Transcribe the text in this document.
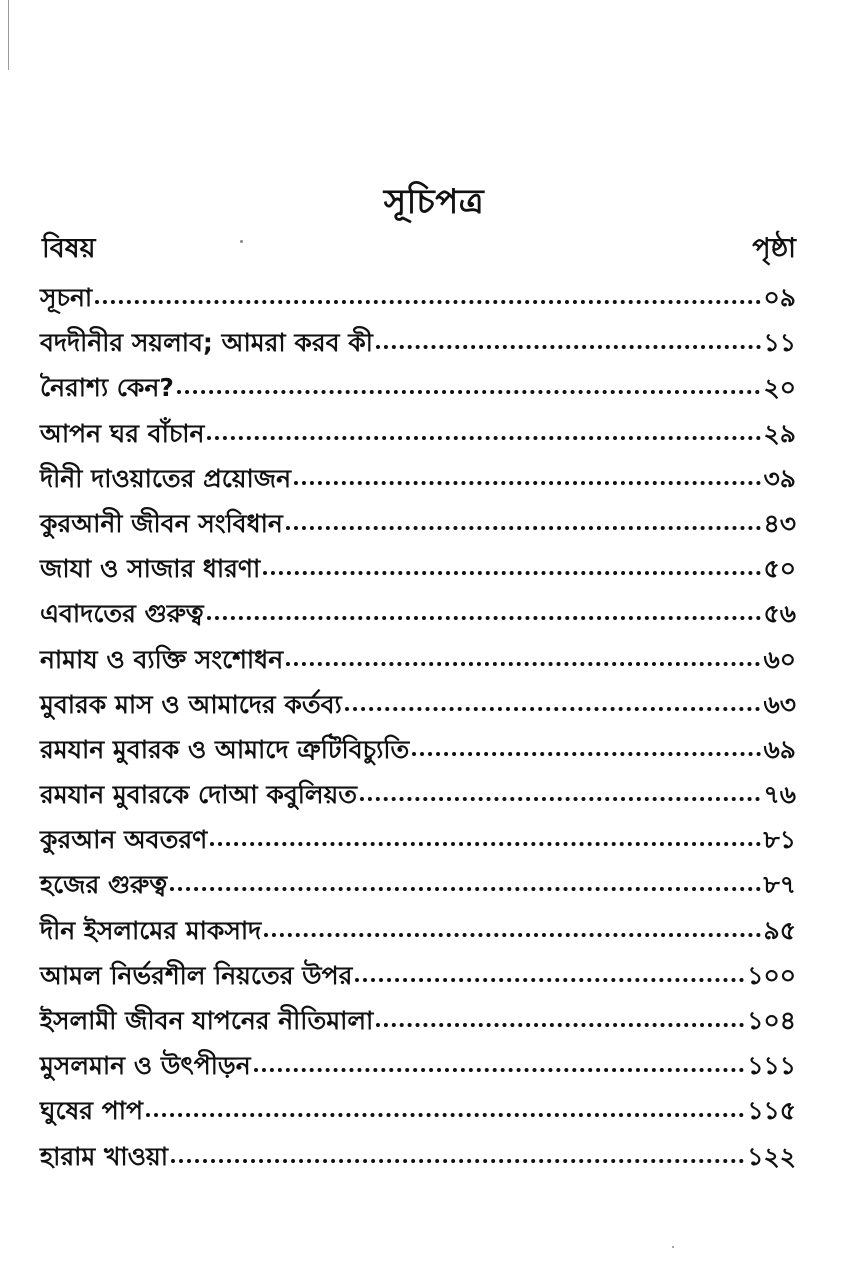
সূচিপত্র
বিষয়	পৃষ্ঠা
সূচনা	০৯
বদদীনীর সয়লাব; আমরা করব কী	১১
নৈরাশ্য কেন?	২০
আপন ঘর বাঁচান	২৯
দীনী দাওয়াতের প্রয়োজন	৩৯
কুরআনী জীবন সংবিধান	৪৩
জাযা ও সাজার ধারণা	৫০
এবাদতের গুরুত্ব	৫৬
নামায ও ব্যক্তি সংশোধন	৬০
মুবারক মাস ও আমাদের কর্তব্য	৬৩
রমযান মুবারক ও আমাদে ত্রুটিবিচ্যুতি	৬৯
রমযান মুবারকে দোআ কবুলিয়ত	৭৬
কুরআন অবতরণ	৮১
হজের গুরুত্ব	৮৭
দীন ইসলামের মাকসাদ	৯৫
আমল নির্ভরশীল নিয়তের উপর	১০০
ইসলামী জীবন যাপনের নীতিমালা	১০৪
মুসলমান ও উৎপীড়ন	১১১
ঘুষের পাপ	১১৫
হারাম খাওয়া	১২২
